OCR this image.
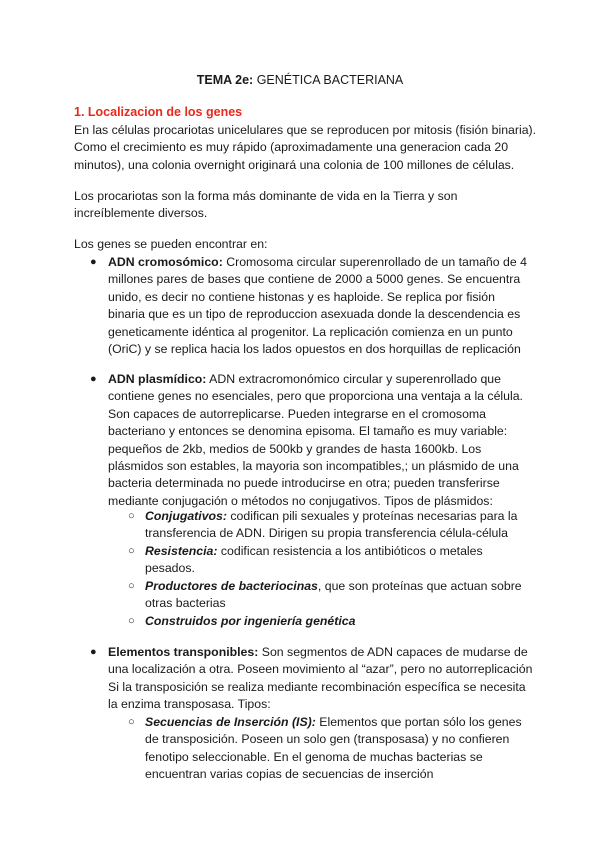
TEMA 2e: GENÉTICA BACTERIANA
1. Localizacion de los genes
En las células procariotas unicelulares que se reproducen por mitosis (fisión binaria).
Como el crecimiento es muy rápido (aproximadamente una generacion cada 20
minutos), una colonia overnight originará una colonia de 100 millones de células.
Los procariotas son la forma más dominante de vida en la Tierra y son
increíblemente diversos.
Los genes se pueden encontrar en:
● ADN cromosómico: Cromosoma circular superenrollado de un tamaño de 4
millones pares de bases que contiene de 2000 a 5000 genes. Se encuentra
unido, es decir no contiene histonas y es haploide. Se replica por fisión
binaria que es un tipo de reproduccion asexuada donde la descendencia es
geneticamente idéntica al progenitor. La replicación comienza en un punto
(OriC) y se replica hacia los lados opuestos en dos horquillas de replicación
● ADN plasmídico: ADN extracromonómico circular y superenrollado que
contiene genes no esenciales, pero que proporciona una ventaja a la célula.
Son capaces de autorreplicarse. Pueden integrarse en el cromosoma
bacteriano y entonces se denomina episoma. El tamaño es muy variable:
pequeños de 2kb, medios de 500kb y grandes de hasta 1600kb. Los
plásmidos son estables, la mayoria son incompatibles,; un plásmido de una
bacteria determinada no puede introducirse en otra; pueden transferirse
mediante conjugación o métodos no conjugativos. Tipos de plásmidos:
○ Conjugativos: codifican pili sexuales y proteínas necesarias para la
transferencia de ADN. Dirigen su propia transferencia célula-célula
○ Resistencia: codifican resistencia a los antibióticos o metales
pesados.
○ Productores de bacteriocinas, que son proteínas que actuan sobre
otras bacterias
○ Construidos por ingeniería genética
● Elementos transponibles: Son segmentos de ADN capaces de mudarse de
una localización a otra. Poseen movimiento al “azar”, pero no autorreplicación
Si la transposición se realiza mediante recombinación específica se necesita
la enzima transposasa. Tipos:
○ Secuencias de Inserción (IS): Elementos que portan sólo los genes
de transposición. Poseen un solo gen (transposasa) y no confieren
fenotipo seleccionable. En el genoma de muchas bacterias se
encuentran varias copias de secuencias de inserción
